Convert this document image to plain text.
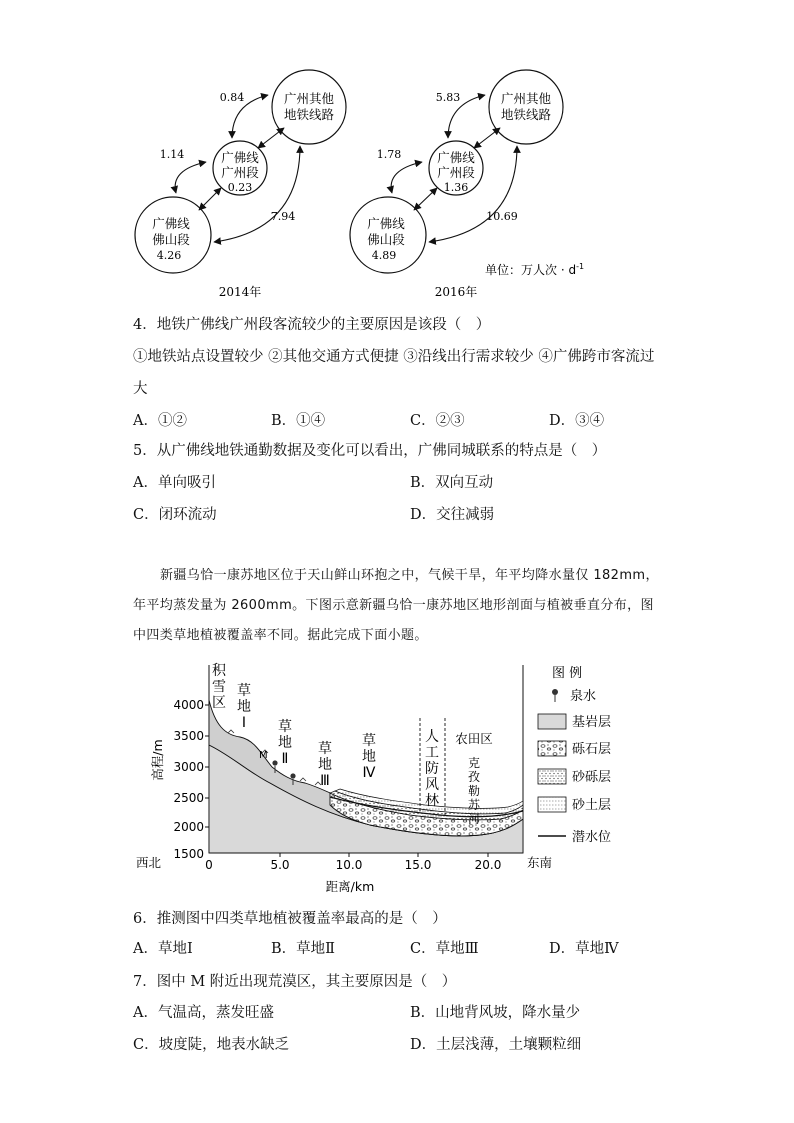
广州其他
地铁线路
广佛线
广州段
0.23
广佛线
佛山段
4.26
0.84
1.14
7.94
2014年
广州其他
地铁线路
广佛线
广州段
1.36
广佛线
佛山段
4.89
5.83
1.78
10.69
2016年
单位：万人次 · $d^{-1}$
4．地铁广佛线广州段客流较少的主要原因是该段（　）
①地铁站点设置较少 ②其他交通方式便捷 ③沿线出行需求较少 ④广佛跨市客流过
大
A．①②	B．①④	C．②③	D．③④
5．从广佛线地铁通勤数据及变化可以看出，广佛同城联系的特点是（　）
A．单向吸引	B．双向互动
C．闭环流动	D．交往减弱
新疆乌恰一康苏地区位于天山鲜山环抱之中，气候干旱，年平均降水量仅 182mm，
年平均蒸发量为 2600mm。下图示意新疆乌恰一康苏地区地形剖面与植被垂直分布，图
中四类草地植被覆盖率不同。据此完成下面小题。
4000
3500
3000
2500
2000
1500
高程/m
0	5.0	10.0	15.0	20.0
距离/km
西北	东南
积
雪
区
草
地
Ⅰ
M
草
地
Ⅱ
草
地
Ⅲ
草
地
Ⅳ
人
工
防
风
林
农田区
克
孜
勒
苏
河
图 例
泉水
基岩层
砾石层
砂砾层
砂土层
潜水位
6．推测图中四类草地植被覆盖率最高的是（　）
A．草地Ⅰ	B．草地Ⅱ	C．草地Ⅲ	D．草地Ⅳ
7．图中 M 附近出现荒漠区，其主要原因是（　）
A．气温高，蒸发旺盛	B．山地背风坡，降水量少
C．坡度陡，地表水缺乏	D．土层浅薄，土壤颗粒细
